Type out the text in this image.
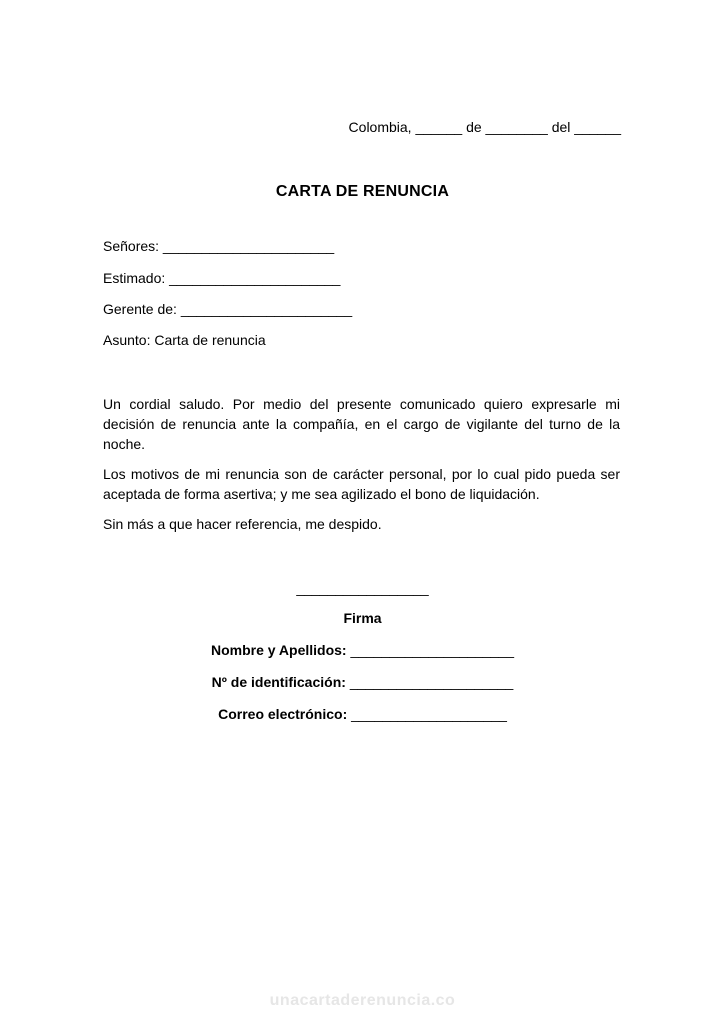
Colombia, ______ de ________ del ______
CARTA DE RENUNCIA
Señores: ______________________
Estimado: ______________________
Gerente de: ______________________
Asunto: Carta de renuncia

Un cordial saludo. Por medio del presente comunicado quiero expresarle mi decisión de renuncia ante la compañía, en el cargo de vigilante del turno de la noche.

Los motivos de mi renuncia son de carácter personal, por lo cual pido pueda ser aceptada de forma asertiva; y me sea agilizado el bono de liquidación.

Sin más a que hacer referencia, me despido.

_________________
Firma
Nombre y Apellidos: _____________________
Nº de identificación: _____________________
Correo electrónico: ____________________
unacartaderenuncia.co
